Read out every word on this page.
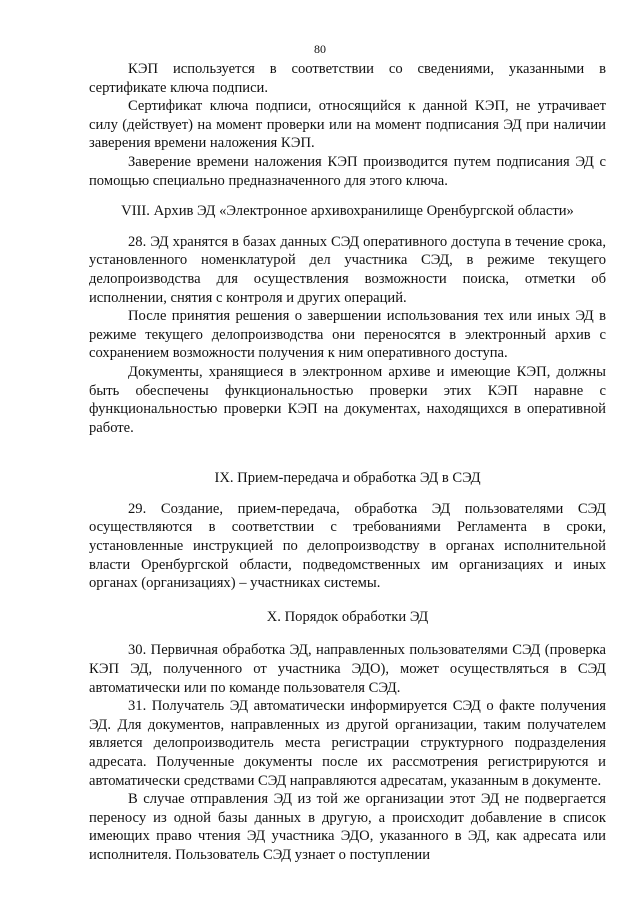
80

КЭП используется в соответствии со сведениями, указанными в сертификате ключа подписи.

Сертификат ключа подписи, относящийся к данной КЭП, не утрачивает силу (действует) на момент проверки или на момент подписания ЭД при наличии заверения времени наложения КЭП.

Заверение времени наложения КЭП производится путем подписания ЭД с помощью специально предназначенного для этого ключа.

VIII. Архив ЭД «Электронное архивохранилище Оренбургской области»

28. ЭД хранятся в базах данных СЭД оперативного доступа в течение срока, установленного номенклатурой дел участника СЭД, в режиме текущего делопроизводства для осуществления возможности поиска, отметки об исполнении, снятия с контроля и других операций.

После принятия решения о завершении использования тех или иных ЭД в режиме текущего делопроизводства они переносятся в электронный архив с сохранением возможности получения к ним оперативного доступа.

Документы, хранящиеся в электронном архиве и имеющие КЭП, должны быть обеспечены функциональностью проверки этих КЭП наравне с функциональностью проверки КЭП на документах, находящихся в оперативной работе.

IX. Прием-передача и обработка ЭД в СЭД

29. Создание, прием-передача, обработка ЭД пользователями СЭД осуществляются в соответствии с требованиями Регламента в сроки, установленные инструкцией по делопроизводству в органах исполнительной власти Оренбургской области, подведомственных им организациях и иных органах (организациях) – участниках системы.

X. Порядок обработки ЭД

30. Первичная обработка ЭД, направленных пользователями СЭД (проверка КЭП ЭД, полученного от участника ЭДО), может осуществляться в СЭД автоматически или по команде пользователя СЭД.

31. Получатель ЭД автоматически информируется СЭД о факте получения ЭД. Для документов, направленных из другой организации, таким получателем является делопроизводитель места регистрации структурного подразделения адресата. Полученные документы после их рассмотрения регистрируются и автоматически средствами СЭД направляются адресатам, указанным в документе.

В случае отправления ЭД из той же организации этот ЭД не подвергается переносу из одной базы данных в другую, а происходит добавление в список имеющих право чтения ЭД участника ЭДО, указанного в ЭД, как адресата или исполнителя. Пользователь СЭД узнает о поступлении
